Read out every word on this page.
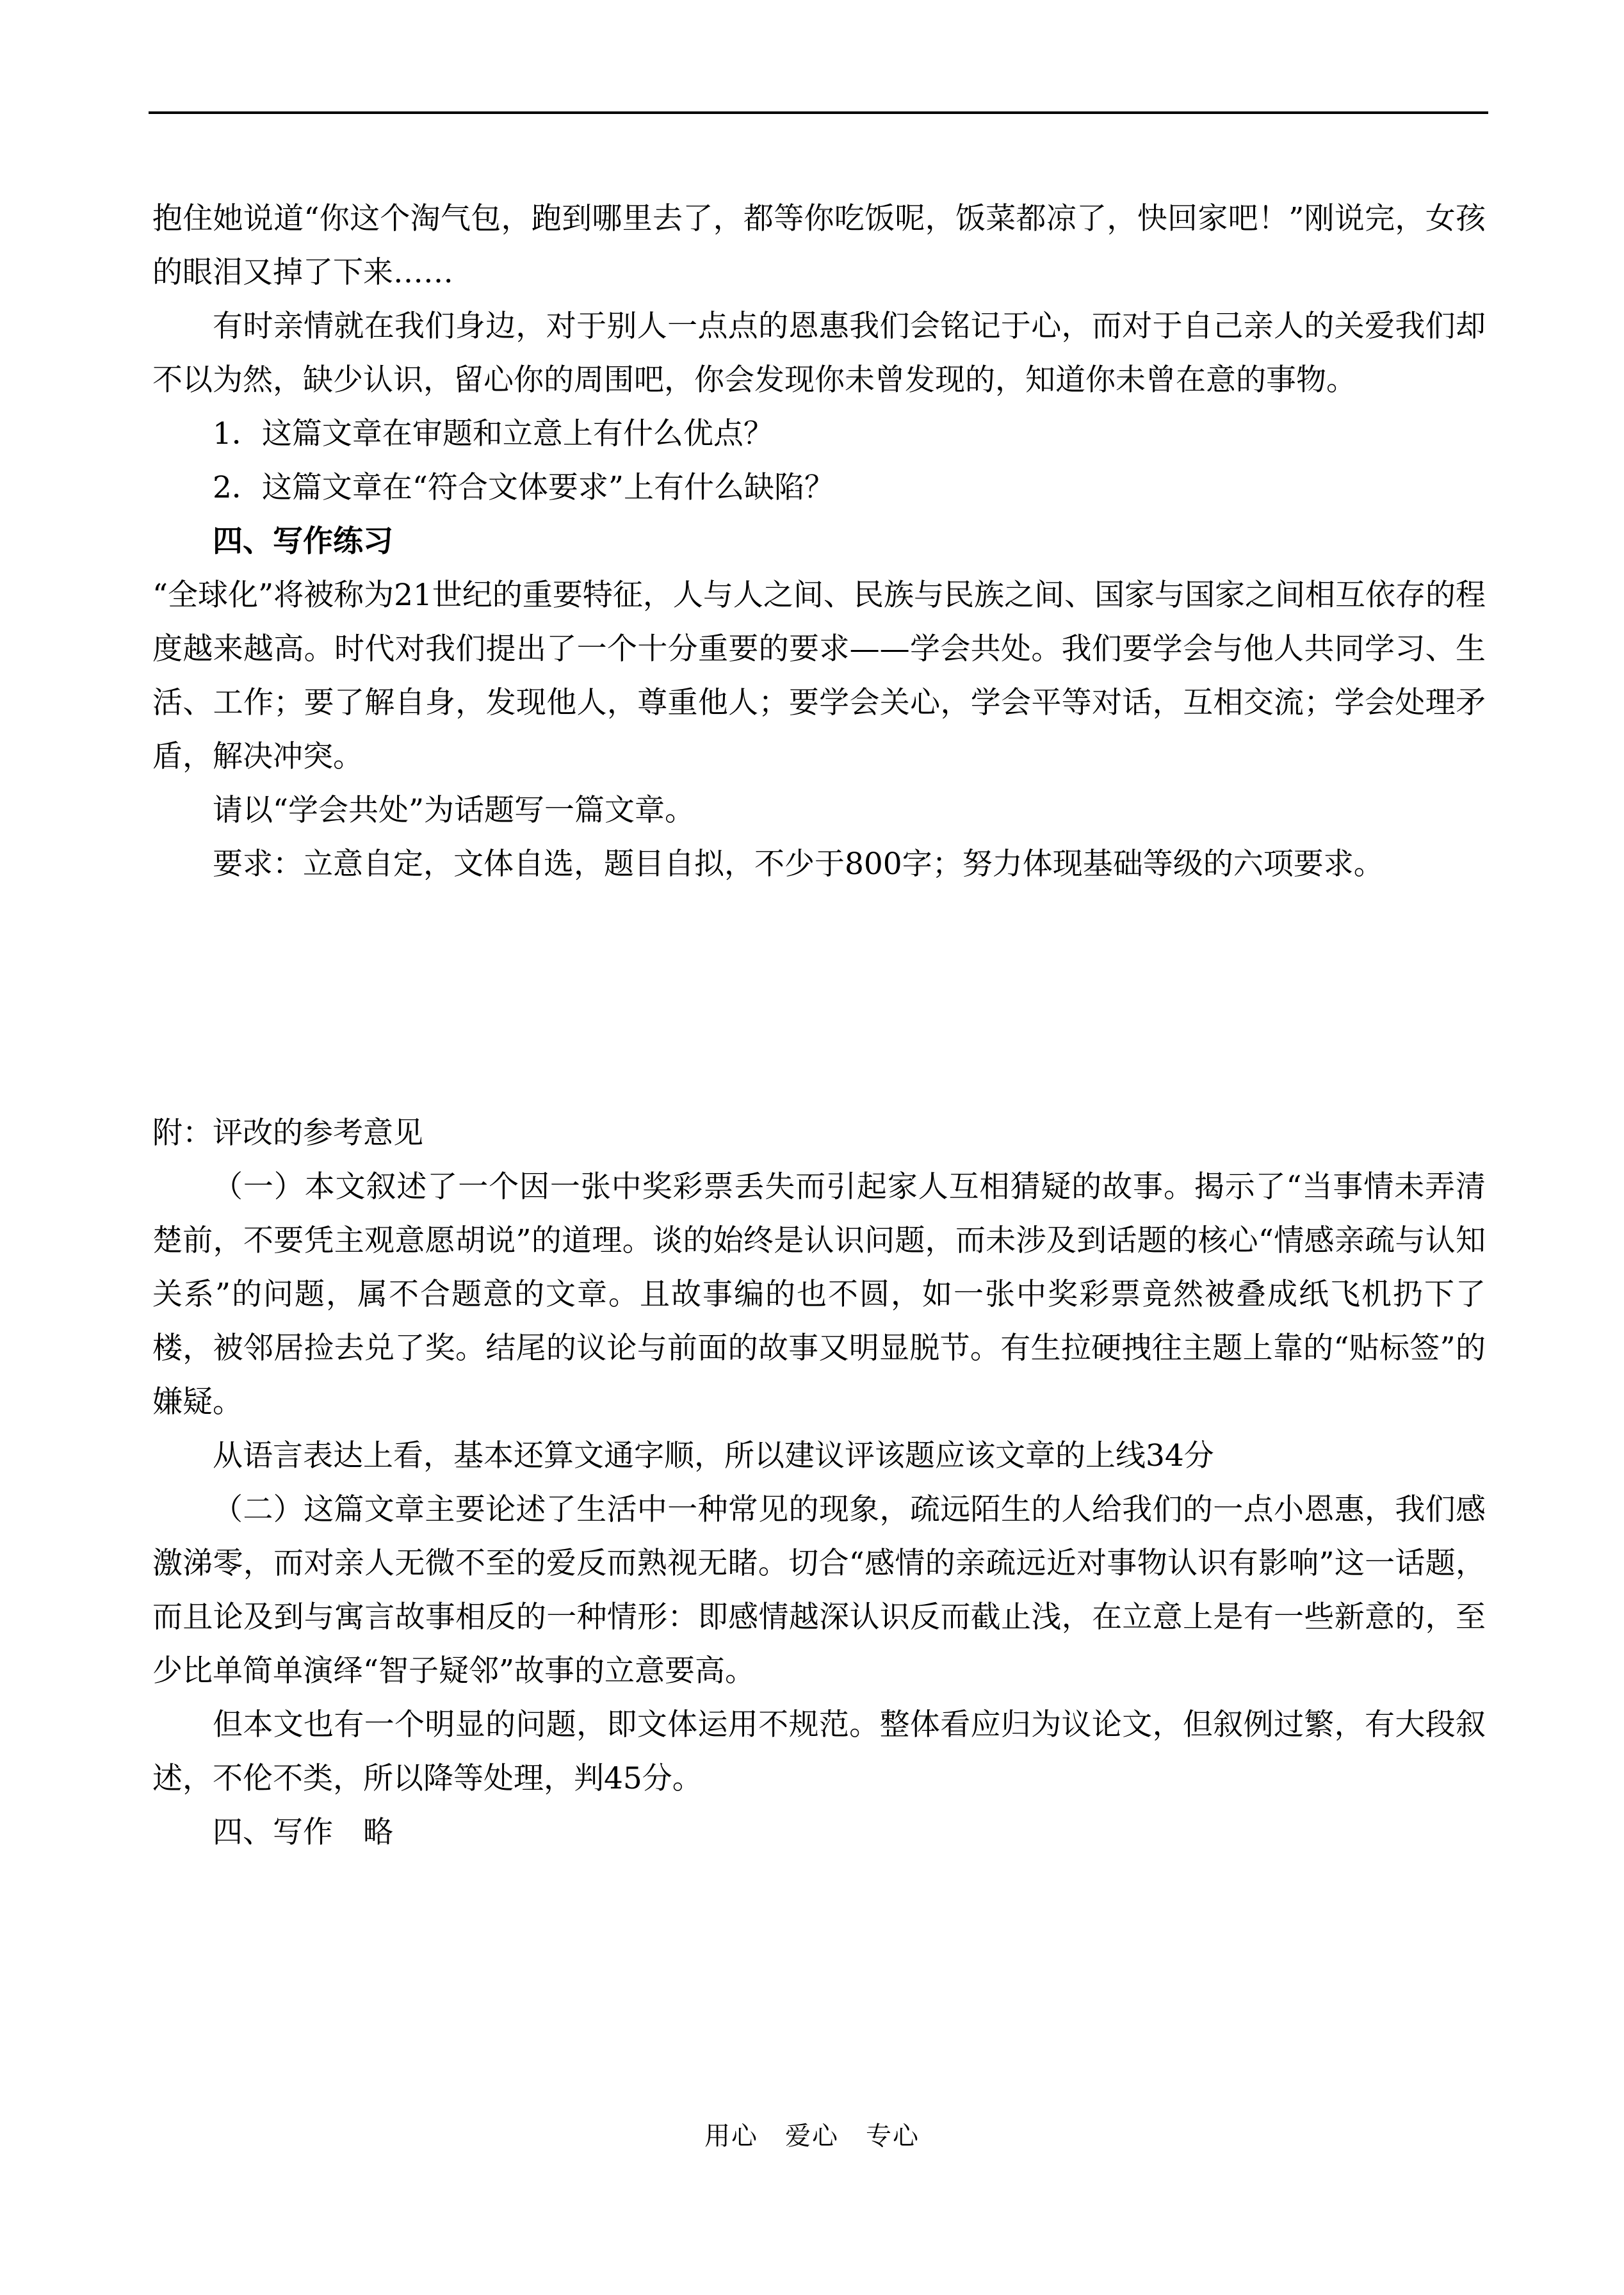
抱住她说道“你这个淘气包，跑到哪里去了，都等你吃饭呢，饭菜都凉了，快回家吧！”刚说完，女孩的眼泪又掉了下来……

有时亲情就在我们身边，对于别人一点点的恩惠我们会铭记于心，而对于自己亲人的关爱我们却不以为然，缺少认识，留心你的周围吧，你会发现你未曾发现的，知道你未曾在意的事物。

1．这篇文章在审题和立意上有什么优点？

2．这篇文章在“符合文体要求”上有什么缺陷？

四、写作练习

“全球化”将被称为21世纪的重要特征，人与人之间、民族与民族之间、国家与国家之间相互依存的程度越来越高。时代对我们提出了一个十分重要的要求——学会共处。我们要学会与他人共同学习、生活、工作；要了解自身，发现他人，尊重他人；要学会关心，学会平等对话，互相交流；学会处理矛盾，解决冲突。

请以“学会共处”为话题写一篇文章。

要求：立意自定，文体自选，题目自拟，不少于800字；努力体现基础等级的六项要求。

附：评改的参考意见

（一）本文叙述了一个因一张中奖彩票丢失而引起家人互相猜疑的故事。揭示了“当事情未弄清楚前，不要凭主观意愿胡说”的道理。谈的始终是认识问题，而未涉及到话题的核心“情感亲疏与认知关系”的问题，属不合题意的文章。且故事编的也不圆，如一张中奖彩票竟然被叠成纸飞机扔下了楼，被邻居捡去兑了奖。结尾的议论与前面的故事又明显脱节。有生拉硬拽往主题上靠的“贴标签”的嫌疑。

从语言表达上看，基本还算文通字顺，所以建议评该题应该文章的上线34分

（二）这篇文章主要论述了生活中一种常见的现象，疏远陌生的人给我们的一点小恩惠，我们感激涕零，而对亲人无微不至的爱反而熟视无睹。切合“感情的亲疏远近对事物认识有影响”这一话题，而且论及到与寓言故事相反的一种情形：即感情越深认识反而截止浅，在立意上是有一些新意的，至少比单简单演绎“智子疑邻”故事的立意要高。

但本文也有一个明显的问题，即文体运用不规范。整体看应归为议论文，但叙例过繁，有大段叙述，不伦不类，所以降等处理，判45分。

四、写作　略

用心　爱心　专心
